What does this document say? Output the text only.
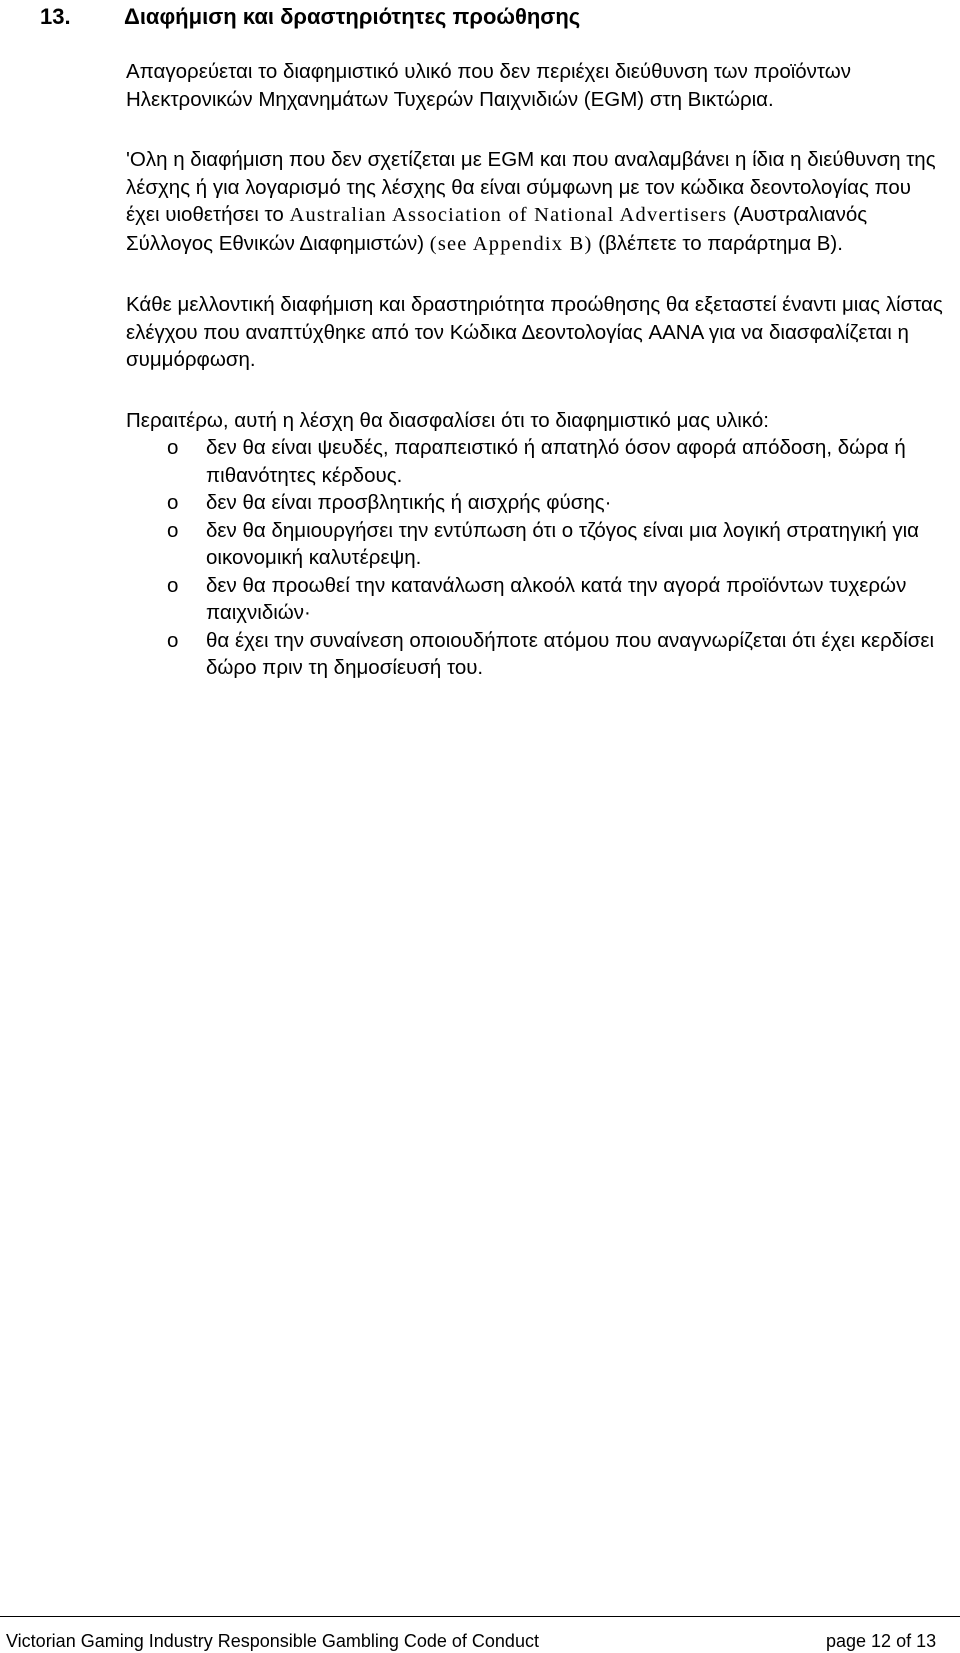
13. Διαφήμιση και δραστηριότητες προώθησης

Απαγορεύεται το διαφημιστικό υλικό που δεν περιέχει διεύθυνση των προϊόντων Ηλεκτρονικών Μηχανημάτων Τυχερών Παιχνιδιών (EGM) στη Βικτώρια.

'Ολη η διαφήμιση που δεν σχετίζεται με EGM και που αναλαμβάνει η ίδια η διεύθυνση της λέσχης ή για λογαρισμό της λέσχης θα είναι σύμφωνη με τον κώδικα δεοντολογίας που έχει υιοθετήσει το Australian Association of National Advertisers (Αυστραλιανός Σύλλογος Εθνικών Διαφημιστών) (see Appendix B) (βλέπετε το παράρτημα Β).

Κάθε μελλοντική διαφήμιση και δραστηριότητα προώθησης θα εξεταστεί έναντι μιας λίστας ελέγχου που αναπτύχθηκε από τον Κώδικα Δεοντολογίας AANA για να διασφαλίζεται η συμμόρφωση.

Περαιτέρω, αυτή η λέσχη θα διασφαλίσει ότι το διαφημιστικό μας υλικό:

o δεν θα είναι ψευδές, παραπειστικό ή απατηλό όσον αφορά απόδοση, δώρα ή πιθανότητες κέρδους.
o δεν θα είναι προσβλητικής ή αισχρής φύσης·
o δεν θα δημιουργήσει την εντύπωση ότι ο τζόγος είναι μια λογική στρατηγική για οικονομική καλυτέρεψη.
o δεν θα προωθεί την κατανάλωση αλκοόλ κατά την αγορά προϊόντων τυχερών παιχνιδιών·
o θα έχει την συναίνεση οποιουδήποτε ατόμου που αναγνωρίζεται ότι έχει κερδίσει δώρο πριν τη δημοσίευσή του.
Victorian Gaming Industry Responsible Gambling Code of Conduct	page 12 of 13
